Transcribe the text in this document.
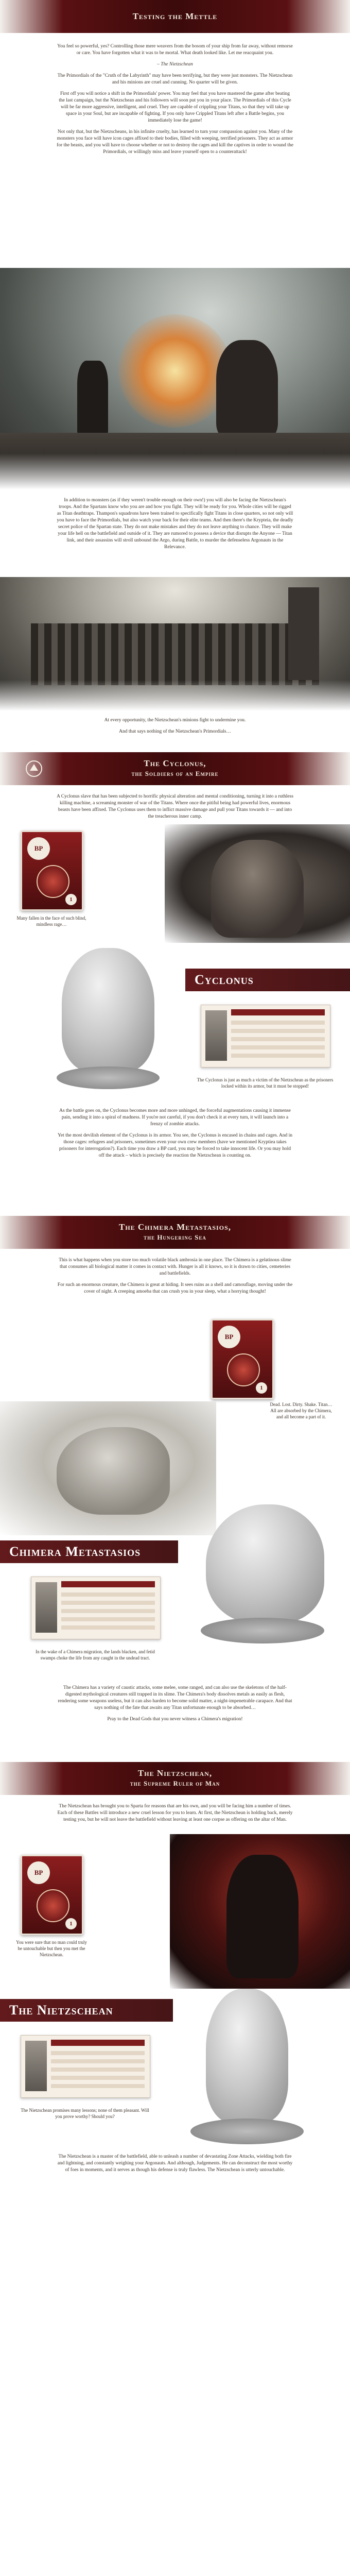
Testing the Mettle

You feel so powerful, yes? Controlling those mere weavers from the bosom of your ship from far away, without remorse or care. You have forgotten what it was to be mortal. What death looked like. Let me reacquaint you.

– The Nietzschean

The Primordials of the "Cruth of the Labyrinth" may have been terrifying, but they were just monsters. The Nietzschean and his minions are cruel and cunning. No quarter will be given.

First off you will notice a shift in the Primordials' power. You may feel that you have mastered the game after beating the last campaign, but the Nietzschean and his followers will soon put you in your place. The Primordials of this Cycle will be far more aggressive, intelligent, and cruel. They are capable of crippling your Titans, so that they will take up space in your Soul, but are incapable of fighting. If you only have Crippled Titans left after a Battle begins, you immediately lose the game!

Not only that, but the Nietzscheans, in his infinite cruelty, has learned to turn your compassion against you. Many of the monsters you face will have icon cages affixed to their bodies, filled with weeping, terrified prisoners. They act as armor for the beasts, and you will have to choose whether or not to destroy the cages and kill the captives in order to wound the Primordials, or willingly miss and leave yourself open to a counterattack!

In addition to monsters (as if they weren't trouble enough on their own!) you will also be facing the Nietzschean's troops. And the Spartans know who you are and how you fight. They will be ready for you. Whole cities will be rigged as Titan deathtraps. Thampon's squadrons have been trained to specifically fight Titans in close quarters, so not only will you have to face the Primordials, but also watch your back for their elite teams. And then there's the Krypteia, the deadly secret police of the Spartan state. They do not make mistakes and they do not leave anything to chance. They will make your life hell on the battlefield and outside of it. They are rumored to possess a device that disrupts the Anyone — Titan link, and their assassins will stroll unbound the Argo, during Battle, to murder the defenseless Argonauts in the Relevance.

At every opportunity, the Nietzschean's minions fight to undermine you.

And that says nothing of the Nietzschean's Primordials…

The Cyclonus,
the Soldiers of an Empire

A Cyclonus slave that has been subjected to horrific physical alteration and mental conditioning, turning it into a ruthless killing machine, a screaming monster of war of the Titans. Where once the pitiful being had powerful lives, enormous beasts have been affixed. The Cyclonus uses them to inflict massive damage and pull your Titans towards it — and into the treacherous inner camp.

BP
1
Many fallen in the face of such blind, mindless rage…
Cyclonus
The Cyclonus is just as much a victim of the Nietzschean as the prisoners locked within its armor, but it must be stopped!

As the battle goes on, the Cyclonus becomes more and more unhinged, the forceful augmentations causing it immense pain, sending it into a spiral of madness. If you're not careful, if you don't check it at every turn, it will launch into a frenzy of zombie attacks.

Yet the most devilish element of the Cyclonus is its armor. You see, the Cyclonus is encased in chains and cages. And in those cages: refugees and prisoners, sometimes even your own crew members (have we mentioned Kryptiea takes prisoners for interrogation?). Each time you draw a BP card, you may be forced to take innocent life. Or you may hold off the attack – which is precisely the reaction the Nietzschean is counting on.

The Chimera Metastasios,
the Hungering Sea

This is what happens when you store too much volatile black ambrosia in one place. The Chimera is a gelatinous slime that consumes all biological matter it comes in contact with. Hunger is all it knows, so it is drawn to cities, cemeteries and battlefields.

For such an enormous creature, the Chimera is great at hiding. It sees ruins as a shell and camouflage, moving under the cover of night. A creeping amoeba that can crush you in your sleep, what a horrying thought!

BP
1
Dead. Lost. Dirty. Shake. Titan… All are absorbed by the Chimera, and all become a part of it.
Chimera Metastasios
In the wake of a Chimera migration, the lands blacken, and fetid swamps choke the life from any caught in the undead tract.

The Chimera has a variety of caustic attacks, some melee, some ranged, and can also use the skeletons of the half-digested mythological creatures still trapped in its slime. The Chimera's body dissolves metals as easily as flesh, rendering some weapons useless, but it can also harden to become solid matter, a night-impenetrable carapace. And that says nothing of the fate that awaits any Titan unfortunate enough to be absorbed…

Pray to the Dead Gods that you never witness a Chimera's migration!

The Nietzschean,
the Supreme Ruler of Man

The Nietzschean has brought you to Sparta for reasons that are his own, and you will be facing him a number of times. Each of these Battles will introduce a new cruel lesson for you to learn. At first, the Nietzschean is holding back, merely testing you, but he will not leave the battlefield without leaving at least one corpse as offering on the altar of Man.

BP
1
You were sure that no man could truly be untouchable but then you met the Nietzschean.
The Nietzschean
The Nietzschean promises many lessons; none of them pleasant. Will you prove worthy? Should you?

The Nietzschean is a master of the battlefield, able to unleash a number of devastating Zone Attacks, wielding both fire and lightning, and constantly weighing your Argonauts. And although, Judgements. He can deconstruct the most worthy of foes in moments, and it serves as though his defense is truly flawless. The Nietzschean is utterly untouchable.
